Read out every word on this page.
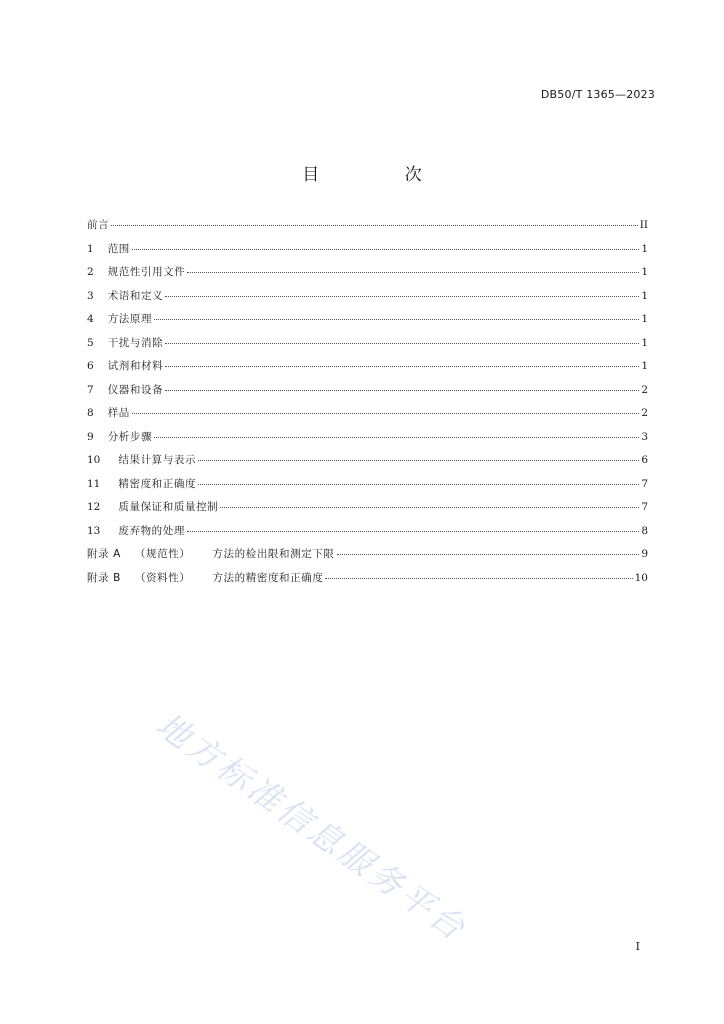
DB50/T 1365—2023
目 次
前言	II
1 范围	1
2 规范性引用文件	1
3 术语和定义	1
4 方法原理	1
5 干扰与消除	1
6 试剂和材料	1
7 仪器和设备	2
8 样品	2
9 分析步骤	3
10 结果计算与表示	6
11 精密度和正确度	7
12 质量保证和质量控制	7
13 废弃物的处理	8
附录 A （规范性） 方法的检出限和测定下限	9
附录 B （资料性） 方法的精密度和正确度	10
地方标准信息服务平台	I
